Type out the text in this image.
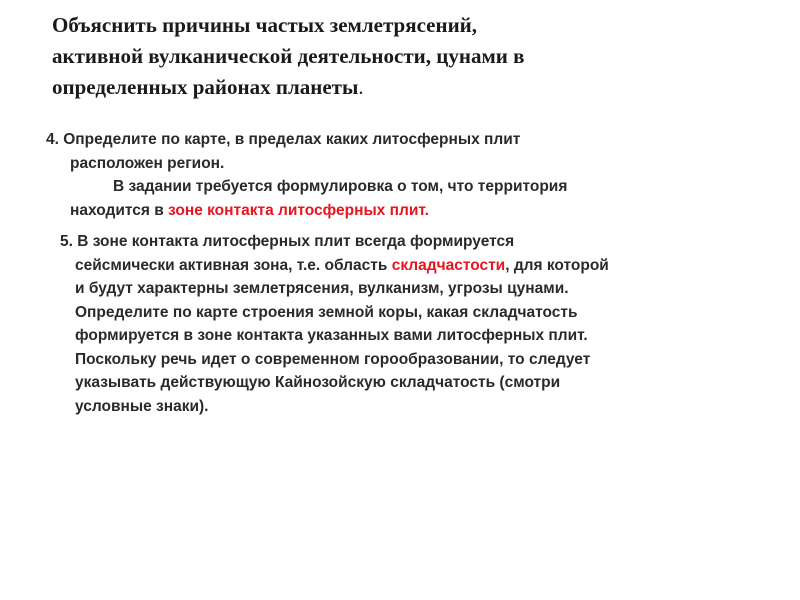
Объяснить причины частых землетрясений,
активной вулканической деятельности, цунами в
определенных районах планеты.
4. Определите по карте, в пределах каких литосферных плит
расположен регион.
В задании требуется формулировка о том, что территория
находится в зоне контакта литосферных плит.
5. В зоне контакта литосферных плит всегда формируется
сейсмически активная зона, т.е. область складчастости, для которой
и будут характерны землетрясения, вулканизм, угрозы цунами.
Определите по карте строения земной коры, какая складчатость
формируется в зоне контакта указанных вами литосферных плит.
Поскольку речь идет о современном горообразовании, то следует
указывать действующую Кайнозойскую складчатость (смотри
условные знаки).
